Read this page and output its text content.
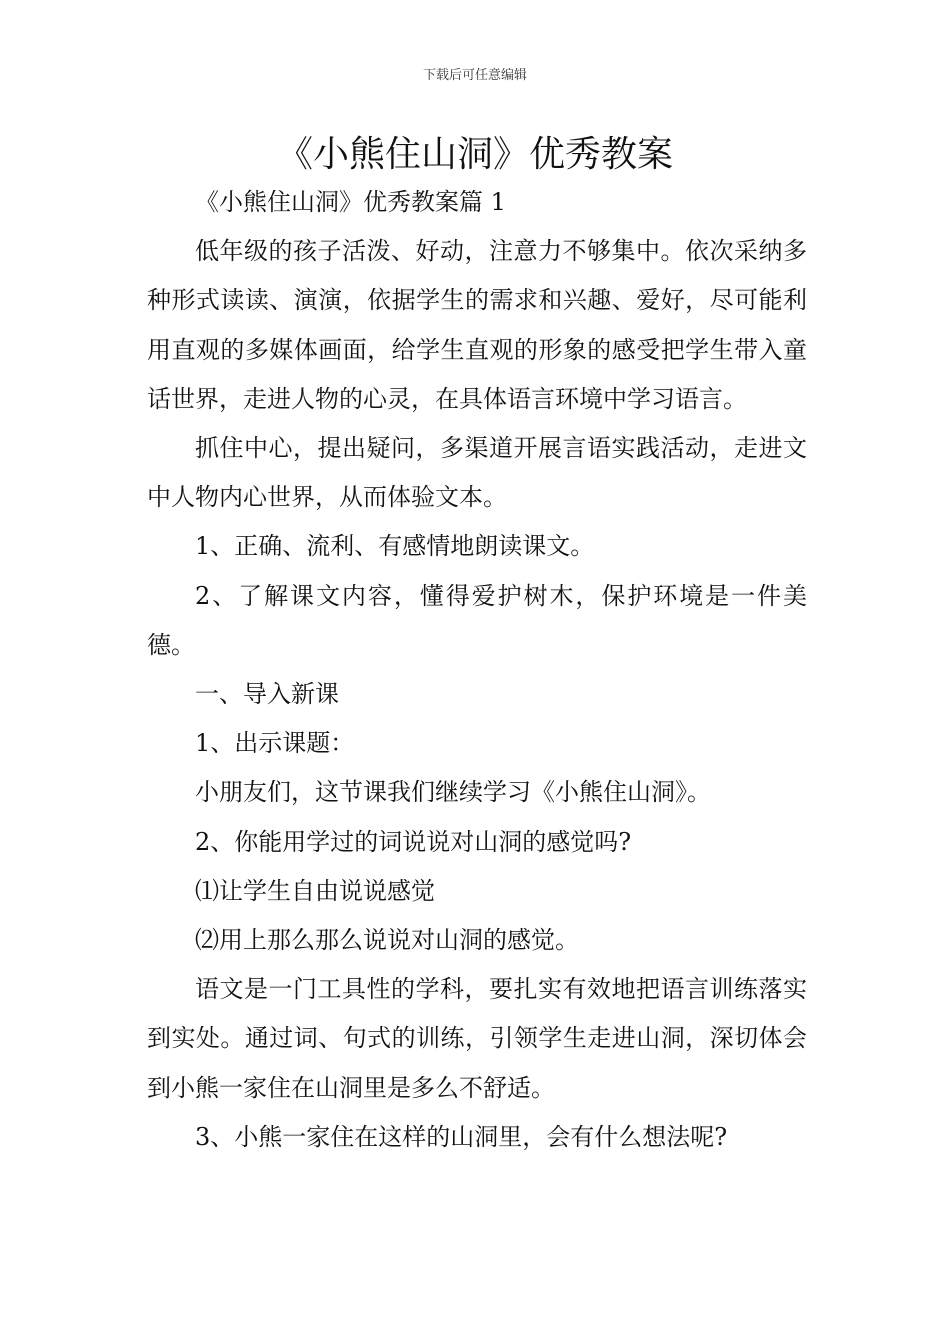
下载后可任意编辑
《小熊住山洞》优秀教案

《小熊住山洞》优秀教案篇 1

低年级的孩子活泼、好动，注意力不够集中。依次采纳多种形式读读、演演，依据学生的需求和兴趣、爱好，尽可能利用直观的多媒体画面，给学生直观的形象的感受把学生带入童话世界，走进人物的心灵，在具体语言环境中学习语言。

抓住中心，提出疑问，多渠道开展言语实践活动，走进文中人物内心世界，从而体验文本。

1、正确、流利、有感情地朗读课文。

2、了解课文内容，懂得爱护树木，保护环境是一件美德。

一、导入新课

1、出示课题：

小朋友们，这节课我们继续学习《小熊住山洞》。

2、你能用学过的词说说对山洞的感觉吗?

⑴让学生自由说说感觉

⑵用上那么那么说说对山洞的感觉。

语文是一门工具性的学科，要扎实有效地把语言训练落实到实处。通过词、句式的训练，引领学生走进山洞，深切体会到小熊一家住在山洞里是多么不舒适。

3、小熊一家住在这样的山洞里，会有什么想法呢?
